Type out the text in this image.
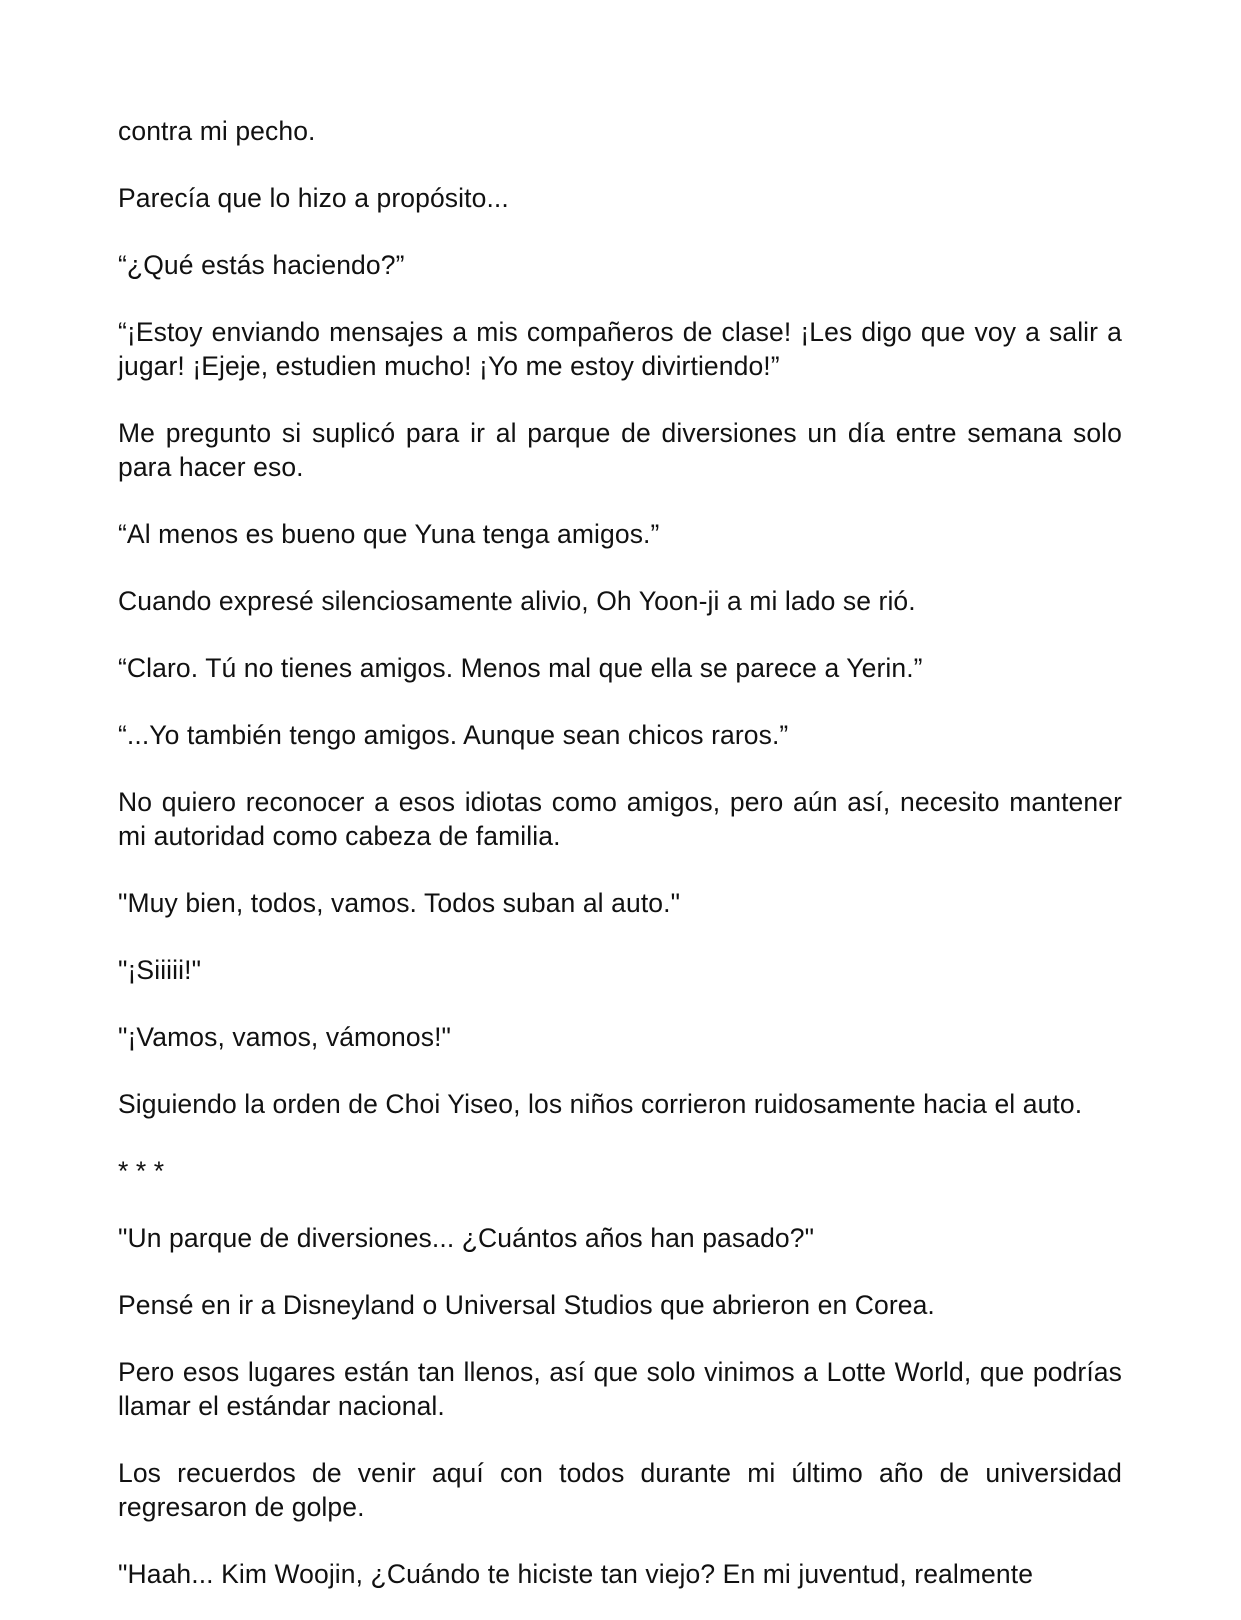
contra mi pecho.

Parecía que lo hizo a propósito...

“¿Qué estás haciendo?”

“¡Estoy enviando mensajes a mis compañeros de clase! ¡Les digo que voy a salir a jugar! ¡Ejeje, estudien mucho! ¡Yo me estoy divirtiendo!”

Me pregunto si suplicó para ir al parque de diversiones un día entre semana solo para hacer eso.

“Al menos es bueno que Yuna tenga amigos.”

Cuando expresé silenciosamente alivio, Oh Yoon-ji a mi lado se rió.

“Claro. Tú no tienes amigos. Menos mal que ella se parece a Yerin.”

“...Yo también tengo amigos. Aunque sean chicos raros.”

No quiero reconocer a esos idiotas como amigos, pero aún así, necesito mantener mi autoridad como cabeza de familia.

"Muy bien, todos, vamos. Todos suban al auto."

"¡Siiiii!"

"¡Vamos, vamos, vámonos!"

Siguiendo la orden de Choi Yiseo, los niños corrieron ruidosamente hacia el auto.

* * *

"Un parque de diversiones... ¿Cuántos años han pasado?"

Pensé en ir a Disneyland o Universal Studios que abrieron en Corea.

Pero esos lugares están tan llenos, así que solo vinimos a Lotte World, que podrías llamar el estándar nacional.

Los recuerdos de venir aquí con todos durante mi último año de universidad regresaron de golpe.

"Haah... Kim Woojin, ¿Cuándo te hiciste tan viejo? En mi juventud, realmente
